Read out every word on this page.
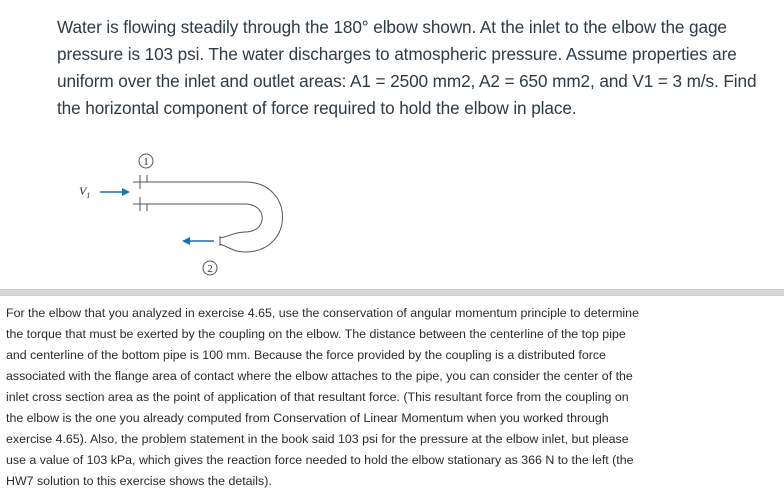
Water is flowing steadily through the 180° elbow shown. At the inlet to the elbow the gage
pressure is 103 psi. The water discharges to atmospheric pressure. Assume properties are
uniform over the inlet and outlet areas: A1 = 2500 mm2, A2 = 650 mm2, and V1 = 3 m/s. Find
the horizontal component of force required to hold the elbow in place.
$V_1$
1
2
For the elbow that you analyzed in exercise 4.65, use the conservation of angular momentum principle to determine
the torque that must be exerted by the coupling on the elbow. The distance between the centerline of the top pipe
and centerline of the bottom pipe is 100 mm. Because the force provided by the coupling is a distributed force
associated with the flange area of contact where the elbow attaches to the pipe, you can consider the center of the
inlet cross section area as the point of application of that resultant force. (This resultant force from the coupling on
the elbow is the one you already computed from Conservation of Linear Momentum when you worked through
exercise 4.65). Also, the problem statement in the book said 103 psi for the pressure at the elbow inlet, but please
use a value of 103 kPa, which gives the reaction force needed to hold the elbow stationary as 366 N to the left (the
HW7 solution to this exercise shows the details).
